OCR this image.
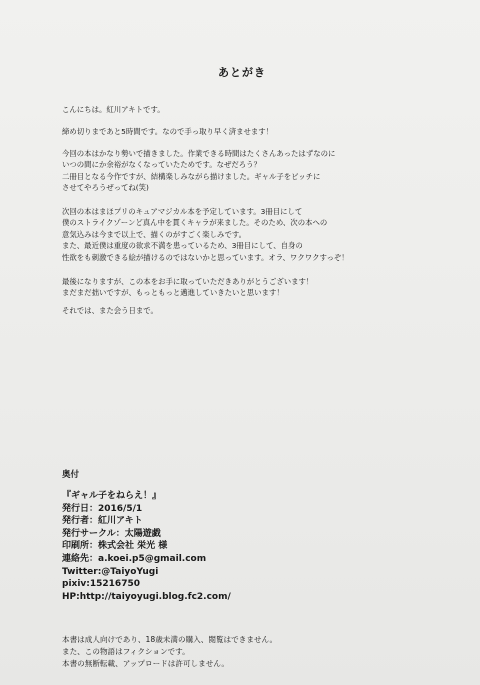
あとがき
こんにちは。紅川アキトです。
締め切りまであと5時間です。なので手っ取り早く済ませます！
今回の本はかなり勢いで描きました。作業できる時間はたくさんあったはずなのに
いつの間にか余裕がなくなっていたためです。なぜだろう？
二冊目となる今作ですが、結構楽しみながら描けました。ギャル子をビッチに
させてやろうぜってね(笑)
次回の本はまほプリのキュアマジカル本を予定しています。3冊目にして
僕のストライクゾーンど真ん中を貫くキャラが来ました。そのため、次の本への
意気込みは今まで以上で、描くのがすごく楽しみです。
また、最近僕は重度の欲求不満を患っているため、3冊目にして、自身の
性欲をも刺激できる絵が描けるのではないかと思っています。オラ、ワクワクすっぞ！
最後になりますが、この本をお手に取っていただきありがとうございます！
まだまだ拙いですが、もっともっと邁進していきたいと思います！
それでは、また会う日まで。
奥付
『ギャル子をねらえ！』
発行日：2016/5/1
発行者：紅川アキト
発行サークル：太陽遊戯
印刷所：株式会社 栄光 様
連絡先：a.koei.p5@gmail.com
Twitter:@TaiyoYugi
pixiv:15216750
HP:http://taiyoyugi.blog.fc2.com/
本書は成人向けであり、18歳未満の購入、閲覧はできません。
また、この物語はフィクションです。
本書の無断転載、アップロードは許可しません。
